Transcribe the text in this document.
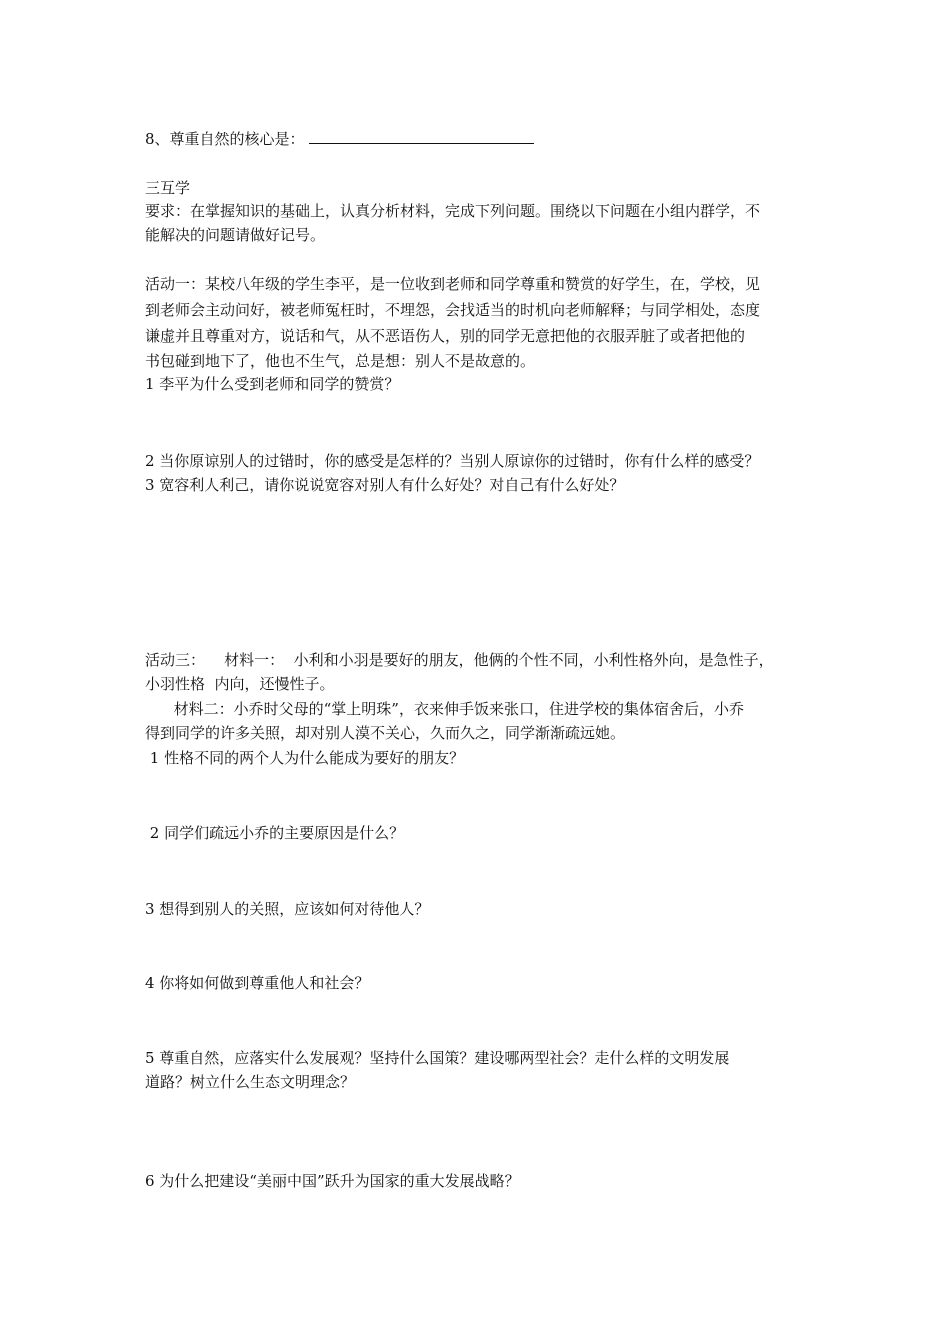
8、尊重自然的核心是：
三互学
要求：在掌握知识的基础上，认真分析材料，完成下列问题。围绕以下问题在小组内群学，不
能解决的问题请做好记号。
活动一：某校八年级的学生李平，是一位收到老师和同学尊重和赞赏的好学生，在，学校，见
到老师会主动问好，被老师冤枉时，不埋怨，会找适当的时机向老师解释；与同学相处，态度
谦虚并且尊重对方，说话和气，从不恶语伤人，别的同学无意把他的衣服弄脏了或者把他的
书包碰到地下了，他也不生气，总是想：别人不是故意的。
1 李平为什么受到老师和同学的赞赏？
2 当你原谅别人的过错时，你的感受是怎样的？当别人原谅你的过错时，你有什么样的感受？
3 宽容利人利己，请你说说宽容对别人有什么好处？对自己有什么好处？
活动三：    材料一：  小利和小羽是要好的朋友，他俩的个性不同，小利性格外向，是急性子，
小羽性格  内向，还慢性子。
材料二：小乔时父母的“掌上明珠”，衣来伸手饭来张口，住进学校的集体宿舍后，小乔
得到同学的许多关照，却对别人漠不关心，久而久之，同学渐渐疏远她。
1 性格不同的两个人为什么能成为要好的朋友？
2 同学们疏远小乔的主要原因是什么？
3 想得到别人的关照，应该如何对待他人？
4 你将如何做到尊重他人和社会？
5 尊重自然，应落实什么发展观？坚持什么国策？建设哪两型社会？走什么样的文明发展
道路？树立什么生态文明理念？
6 为什么把建设“美丽中国”跃升为国家的重大发展战略？
